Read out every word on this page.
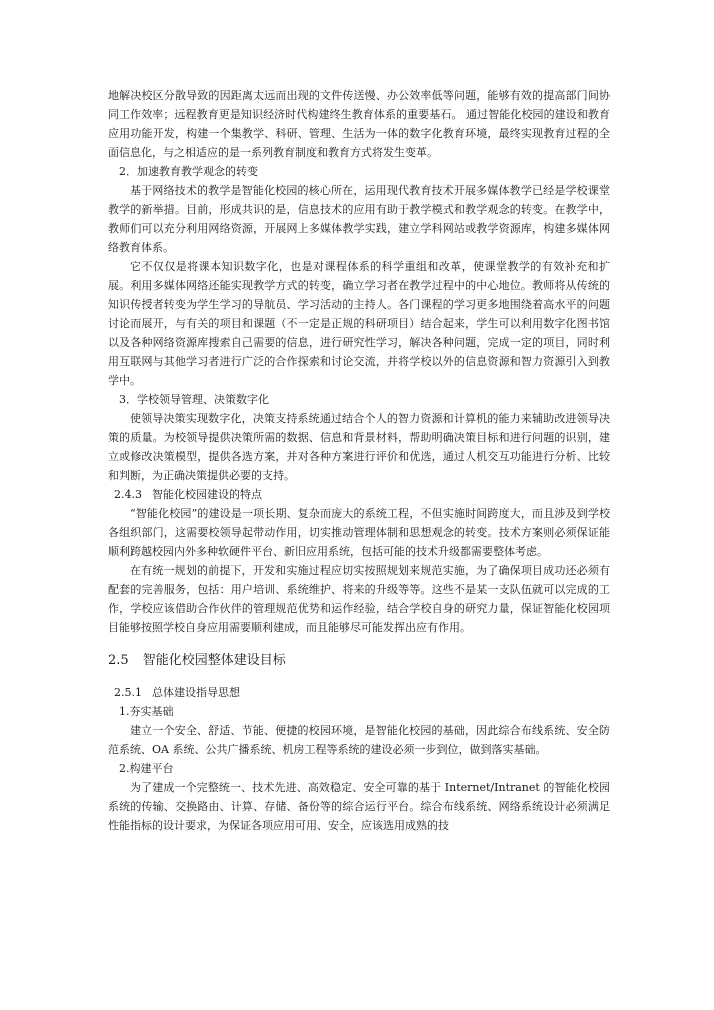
地解决校区分散导致的因距离太远而出现的文件传送慢、办公效率低等问题，能够有效的提高部门间协同工作效率；远程教育更是知识经济时代构建终生教育体系的重要基石。 通过智能化校园的建设和教育应用功能开发，构建一个集教学、科研、管理、生活为一体的数字化教育环境，最终实现教育过程的全面信息化，与之相适应的是一系列教育制度和教育方式将发生变革。

2．加速教育教学观念的转变

基于网络技术的教学是智能化校园的核心所在，运用现代教育技术开展多媒体教学已经是学校课堂教学的新举措。目前，形成共识的是，信息技术的应用有助于教学模式和教学观念的转变。在教学中，教师们可以充分利用网络资源，开展网上多媒体教学实践，建立学科网站或教学资源库，构建多媒体网络教育体系。

它不仅仅是将课本知识数字化，也是对课程体系的科学重组和改革，使课堂教学的有效补充和扩展。利用多媒体网络还能实现教学方式的转变，确立学习者在教学过程中的中心地位。教师将从传统的知识传授者转变为学生学习的导航员、学习活动的主持人。各门课程的学习更多地围绕着高水平的问题讨论而展开，与有关的项目和课题（不一定是正规的科研项目）结合起来，学生可以利用数字化图书馆以及各种网络资源库搜索自己需要的信息，进行研究性学习，解决各种问题，完成一定的项目，同时利用互联网与其他学习者进行广泛的合作探索和讨论交流，并将学校以外的信息资源和智力资源引入到教学中。

3．学校领导管理、决策数字化

使领导决策实现数字化，决策支持系统通过结合个人的智力资源和计算机的能力来辅助改进领导决策的质量。为校领导提供决策所需的数据、信息和背景材料，帮助明确决策目标和进行问题的识别，建立或修改决策模型，提供各选方案，并对各种方案进行评价和优选，通过人机交互功能进行分析、比较和判断，为正确决策提供必要的支持。

2.4.3 智能化校园建设的特点

“智能化校园”的建设是一项长期、复杂而庞大的系统工程，不但实施时间跨度大，而且涉及到学校各组织部门，这需要校领导起带动作用，切实推动管理体制和思想观念的转变。技术方案则必须保证能顺利跨越校园内外多种软硬件平台、新旧应用系统，包括可能的技术升级都需要整体考虑。

在有统一规划的前提下，开发和实施过程应切实按照规划来规范实施，为了确保项目成功还必须有配套的完善服务，包括：用户培训、系统维护、将来的升级等等。这些不是某一支队伍就可以完成的工作，学校应该借助合作伙伴的管理规范优势和运作经验，结合学校自身的研究力量，保证智能化校园项目能够按照学校自身应用需要顺利建成，而且能够尽可能发挥出应有作用。

2.5 智能化校园整体建设目标
2.5.1 总体建设指导思想
1.夯实基础

建立一个安全、舒适、节能、便捷的校园环境，是智能化校园的基础，因此综合布线系统、安全防范系统、OA 系统、公共广播系统、机房工程等系统的建设必须一步到位，做到落实基础。

2.构建平台

为了建成一个完整统一、技术先进、高效稳定、安全可靠的基于 Internet/Intranet 的智能化校园系统的传输、交换路由、计算、存储、备份等的综合运行平台。综合布线系统、网络系统设计必须满足性能指标的设计要求，为保证各项应用可用、安全，应该选用成熟的技
